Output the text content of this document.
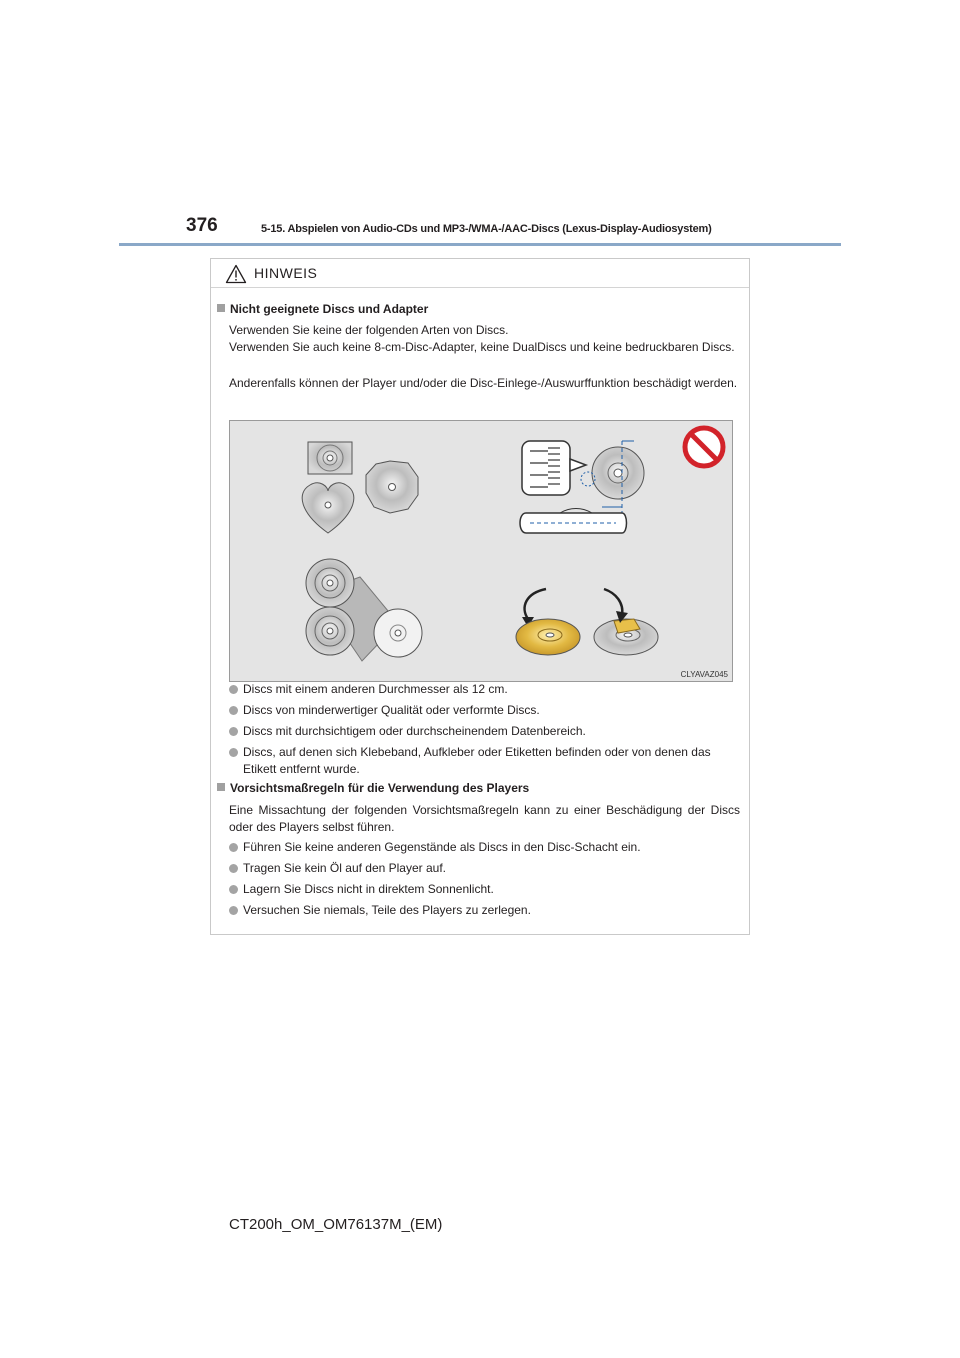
376	5-15. Abspielen von Audio-CDs und MP3-/WMA-/AAC-Discs (Lexus-Display-Audiosystem)
HINWEIS
Nicht geeignete Discs und Adapter
Verwenden Sie keine der folgenden Arten von Discs.
Verwenden Sie auch keine 8-cm-Disc-Adapter, keine DualDiscs und keine bedruckbaren Discs.
Anderenfalls können der Player und/oder die Disc-Einlege-/Auswurffunktion beschädigt werden.
CLYAVAZ045
Discs mit einem anderen Durchmesser als 12 cm.
Discs von minderwertiger Qualität oder verformte Discs.
Discs mit durchsichtigem oder durchscheinendem Datenbereich.
Discs, auf denen sich Klebeband, Aufkleber oder Etiketten befinden oder von denen das Etikett entfernt wurde.
Vorsichtsmaßregeln für die Verwendung des Players
Eine Missachtung der folgenden Vorsichtsmaßregeln kann zu einer Beschädigung der Discs oder des Players selbst führen.
Führen Sie keine anderen Gegenstände als Discs in den Disc-Schacht ein.
Tragen Sie kein Öl auf den Player auf.
Lagern Sie Discs nicht in direktem Sonnenlicht.
Versuchen Sie niemals, Teile des Players zu zerlegen.
CT200h_OM_OM76137M_(EM)
